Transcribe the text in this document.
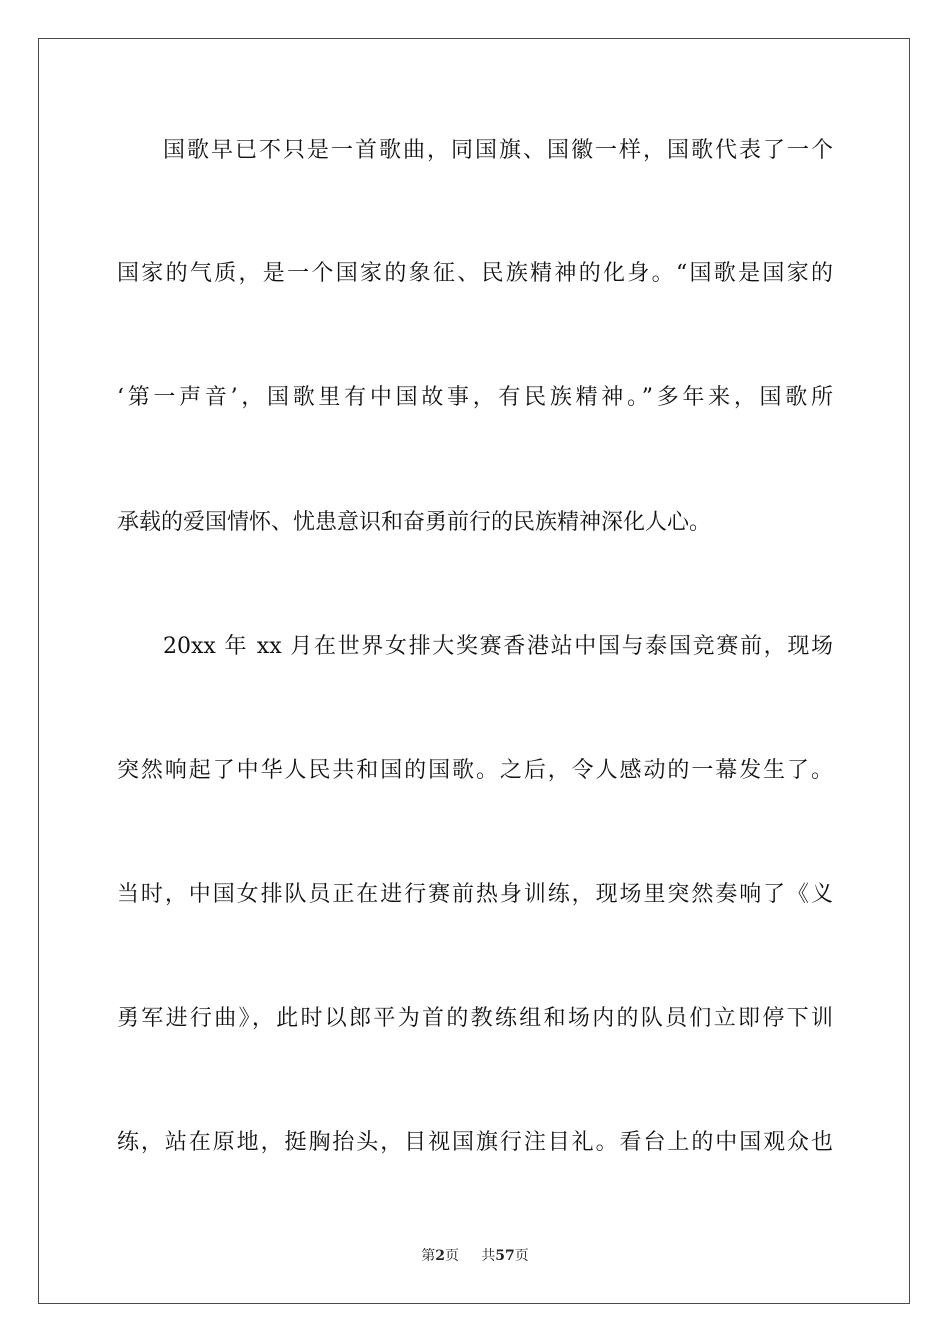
国歌早已不只是一首歌曲，同国旗、国徽一样，国歌代表了一个
国家的气质，是一个国家的象征、民族精神的化身。“国歌是国家的
‘第一声音’，国歌里有中国故事，有民族精神。”多年来，国歌所
承载的爱国情怀、忧患意识和奋勇前行的民族精神深化人心。
20xx 年 xx 月在世界女排大奖赛香港站中国与泰国竞赛前，现场
突然响起了中华人民共和国的国歌。之后，令人感动的一幕发生了。
当时，中国女排队员正在进行赛前热身训练，现场里突然奏响了《义
勇军进行曲》，此时以郎平为首的教练组和场内的队员们立即停下训
练，站在原地，挺胸抬头，目视国旗行注目礼。看台上的中国观众也
第2页 共57页
